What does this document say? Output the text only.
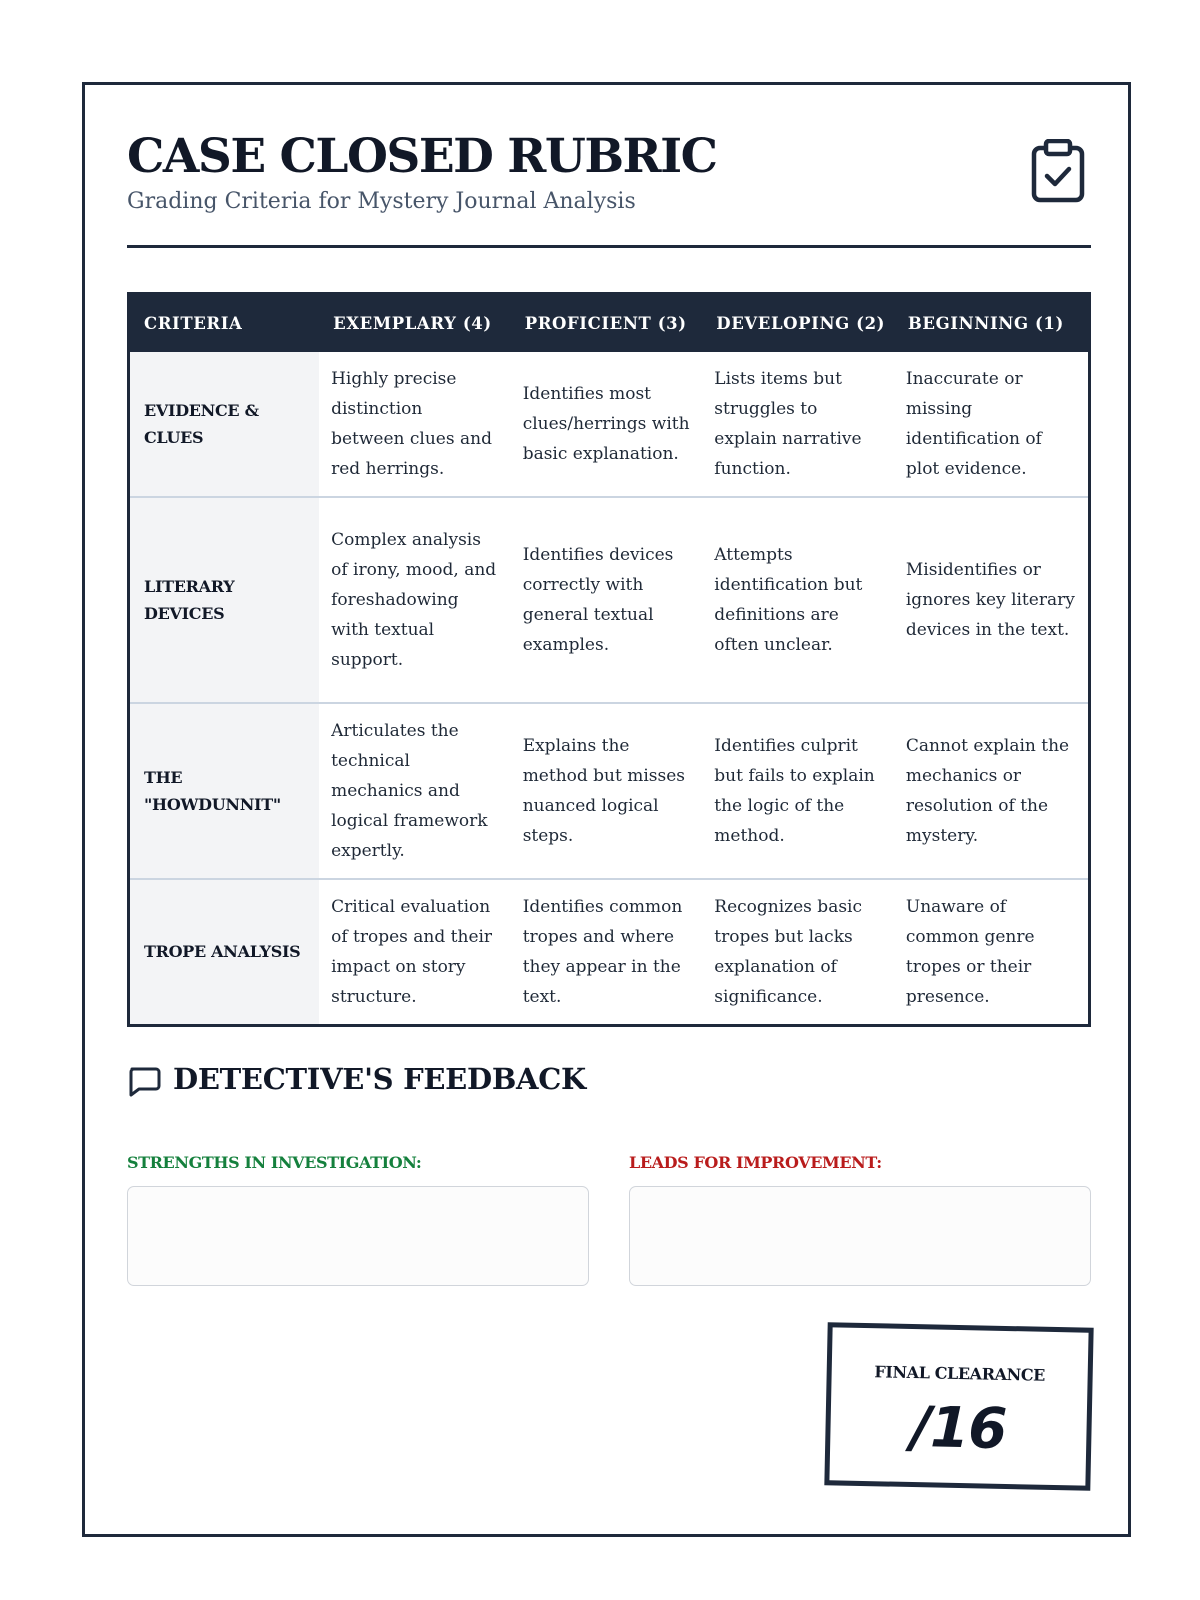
CASE CLOSED RUBRIC
Grading Criteria for Mystery Journal Analysis
CRITERIA	EXEMPLARY (4)	PROFICIENT (3)	DEVELOPING (2)	BEGINNING (1)
EVIDENCE & CLUES	Highly precise distinction between clues and red herrings.	Identifies most clues/herrings with basic explanation.	Lists items but struggles to explain narrative function.	Inaccurate or missing identification of plot evidence.
LITERARY DEVICES	Complex analysis of irony, mood, and foreshadowing with textual support.	Identifies devices correctly with general textual examples.	Attempts identification but definitions are often unclear.	Misidentifies or ignores key literary devices in the text.
THE "HOWDUNNIT"	Articulates the technical mechanics and logical framework expertly.	Explains the method but misses nuanced logical steps.	Identifies culprit but fails to explain the logic of the method.	Cannot explain the mechanics or resolution of the mystery.
TROPE ANALYSIS	Critical evaluation of tropes and their impact on story structure.	Identifies common tropes and where they appear in the text.	Recognizes basic tropes but lacks explanation of significance.	Unaware of common genre tropes or their presence.
DETECTIVE'S FEEDBACK
STRENGTHS IN INVESTIGATION:	LEADS FOR IMPROVEMENT:
FINAL CLEARANCE
/16
